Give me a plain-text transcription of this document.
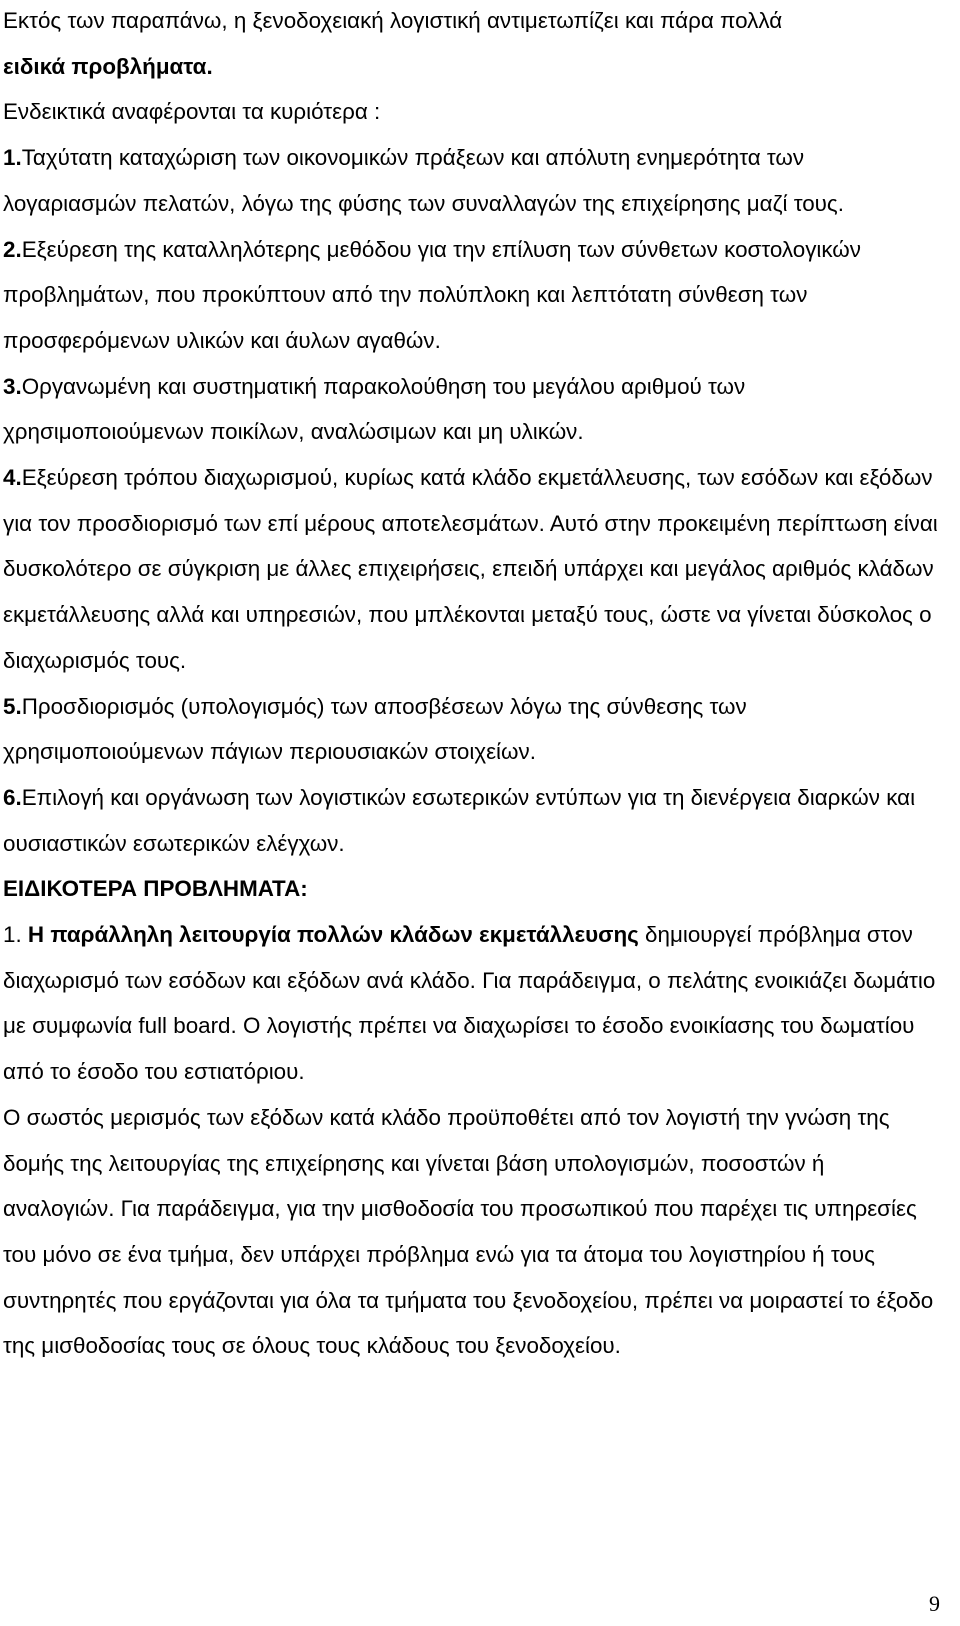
Εκτός των παραπάνω, η ξενοδοχειακή λογιστική αντιμετωπίζει και πάρα πολλά

ειδικά προβλήματα.

Ενδεικτικά αναφέρονται τα κυριότερα :

1.Ταχύτατη καταχώριση των οικονομικών πράξεων και απόλυτη ενημερότητα των λογαριασμών πελατών, λόγω της φύσης των συναλλαγών της επιχείρησης μαζί τους.

2.Εξεύρεση της καταλληλότερης μεθόδου για την επίλυση των σύνθετων κοστολογικών προβλημάτων, που προκύπτουν από την πολύπλοκη και λεπτότατη σύνθεση των προσφερόμενων υλικών και άυλων αγαθών.

3.Οργανωμένη και συστηματική παρακολούθηση του μεγάλου αριθμού των χρησιμοποιούμενων ποικίλων, αναλώσιμων και μη υλικών.

4.Εξεύρεση τρόπου διαχωρισμού, κυρίως κατά κλάδο εκμετάλλευσης, των εσόδων και εξόδων για τον προσδιορισμό των επί μέρους αποτελεσμάτων. Αυτό στην προκειμένη περίπτωση είναι δυσκολότερο σε σύγκριση με άλλες επιχειρήσεις, επειδή υπάρχει και μεγάλος αριθμός κλάδων εκμετάλλευσης αλλά και υπηρεσιών, που μπλέκονται μεταξύ τους, ώστε να γίνεται δύσκολος ο διαχωρισμός τους.

5.Προσδιορισμός (υπολογισμός) των αποσβέσεων λόγω της σύνθεσης των χρησιμοποιούμενων πάγιων περιουσιακών στοιχείων.

6.Επιλογή και οργάνωση των λογιστικών εσωτερικών εντύπων για τη διενέργεια διαρκών και ουσιαστικών εσωτερικών ελέγχων.

ΕΙΔΙΚΟΤΕΡΑ ΠΡΟΒΛΗΜΑΤΑ:

1. Η παράλληλη λειτουργία πολλών κλάδων εκμετάλλευσης δημιουργεί πρόβλημα στον διαχωρισμό των εσόδων και εξόδων ανά κλάδο. Για παράδειγμα, ο πελάτης ενοικιάζει δωμάτιο με συμφωνία full board. Ο λογιστής πρέπει να διαχωρίσει το έσοδο ενοικίασης του δωματίου από το έσοδο του εστιατόριου.

Ο σωστός μερισμός των εξόδων κατά κλάδο προϋποθέτει από τον λογιστή την γνώση της δομής της λειτουργίας της επιχείρησης και γίνεται βάση υπολογισμών, ποσοστών ή αναλογιών. Για παράδειγμα, για την μισθοδοσία του προσωπικού που παρέχει τις υπηρεσίες του μόνο σε ένα τμήμα, δεν υπάρχει πρόβλημα ενώ για τα άτομα του λογιστηρίου ή τους συντηρητές που εργάζονται για όλα τα τμήματα του ξενοδοχείου, πρέπει να μοιραστεί το έξοδο της μισθοδοσίας τους σε όλους τους κλάδους του ξενοδοχείου.

9
